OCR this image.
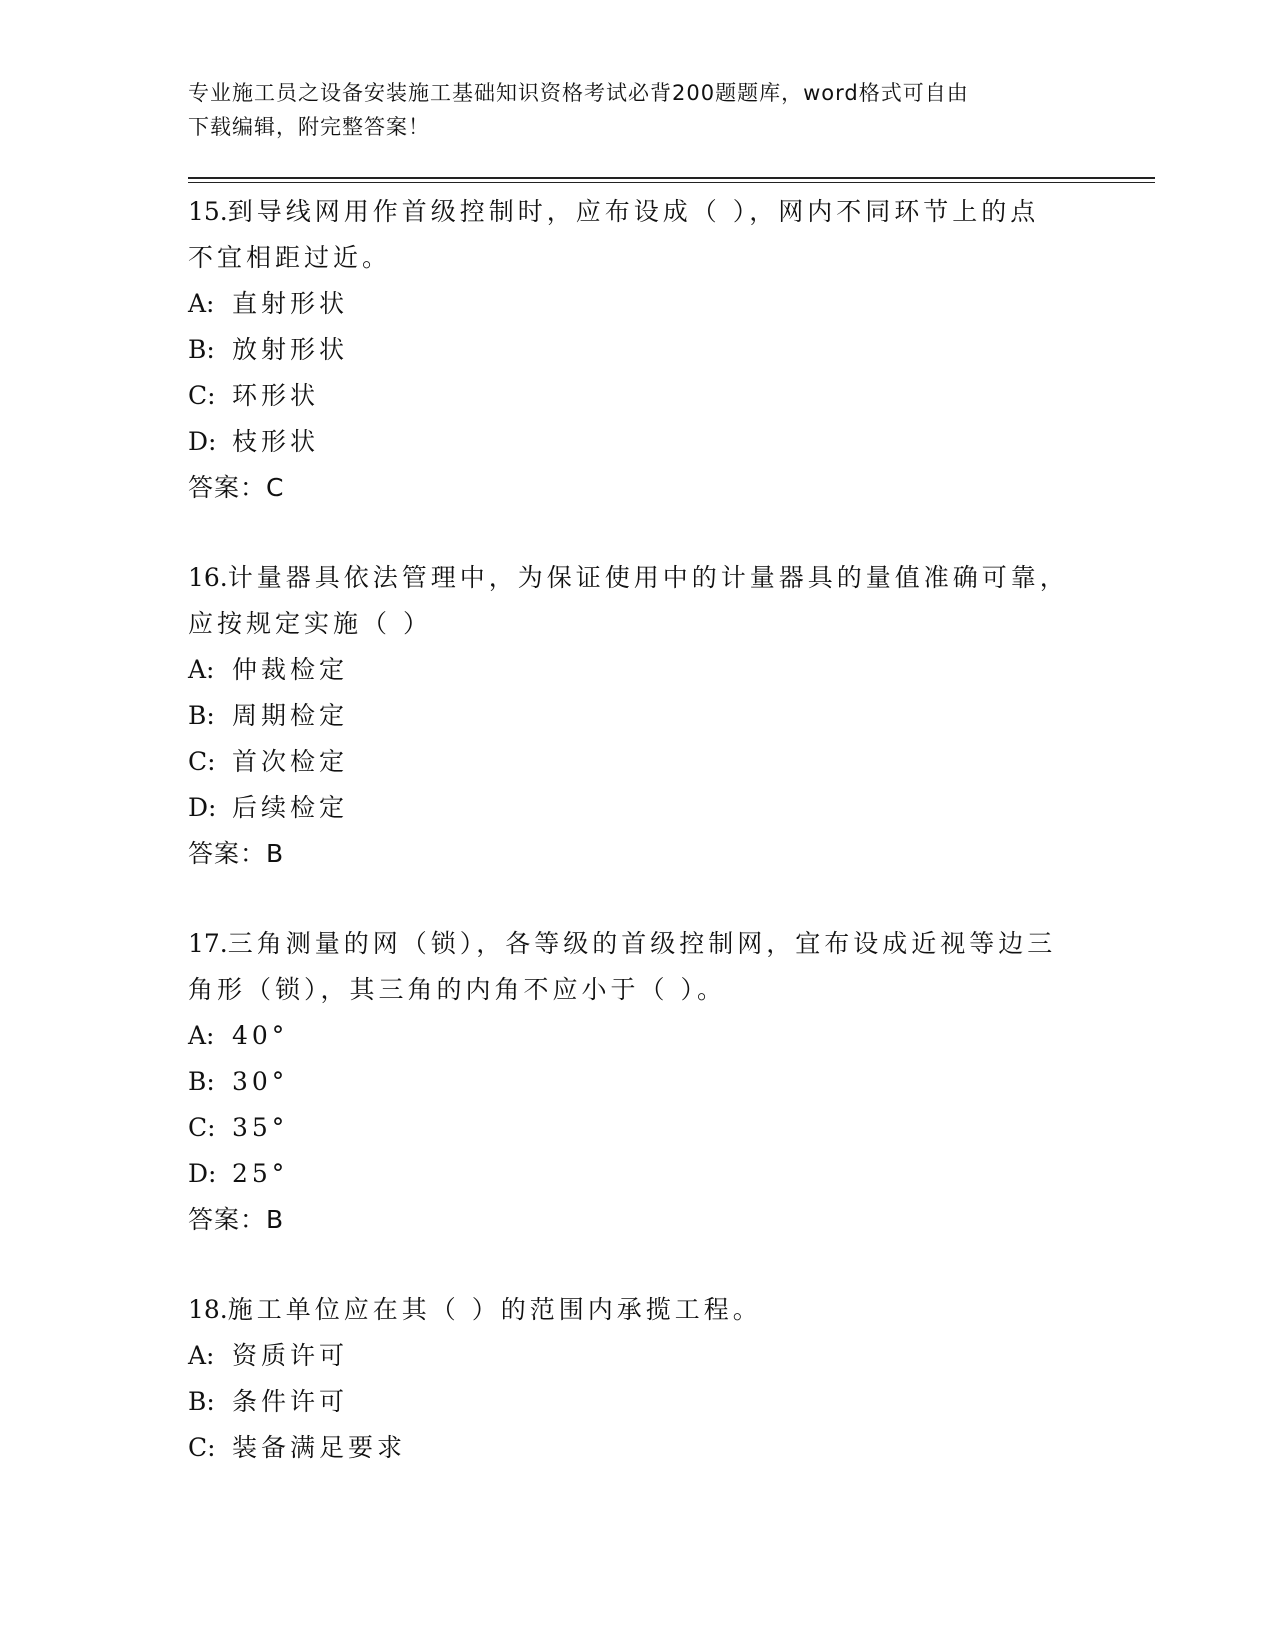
专业施工员之设备安装施工基础知识资格考试必背200题题库，word格式可自由
下载编辑，附完整答案！
15.到导线网用作首级控制时，应布设成（ ），网内不同环节上的点
不宜相距过近。
A: 直射形状
B: 放射形状
C: 环形状
D: 枝形状
答案：C
16.计量器具依法管理中，为保证使用中的计量器具的量值准确可靠，
应按规定实施（ ）
A: 仲裁检定
B: 周期检定
C: 首次检定
D: 后续检定
答案：B
17.三角测量的网（锁），各等级的首级控制网，宜布设成近视等边三
角形（锁），其三角的内角不应小于（ ）。
A: 40°
B: 30°
C: 35°
D: 25°
答案：B
18.施工单位应在其（ ）的范围内承揽工程。
A: 资质许可
B: 条件许可
C: 装备满足要求
